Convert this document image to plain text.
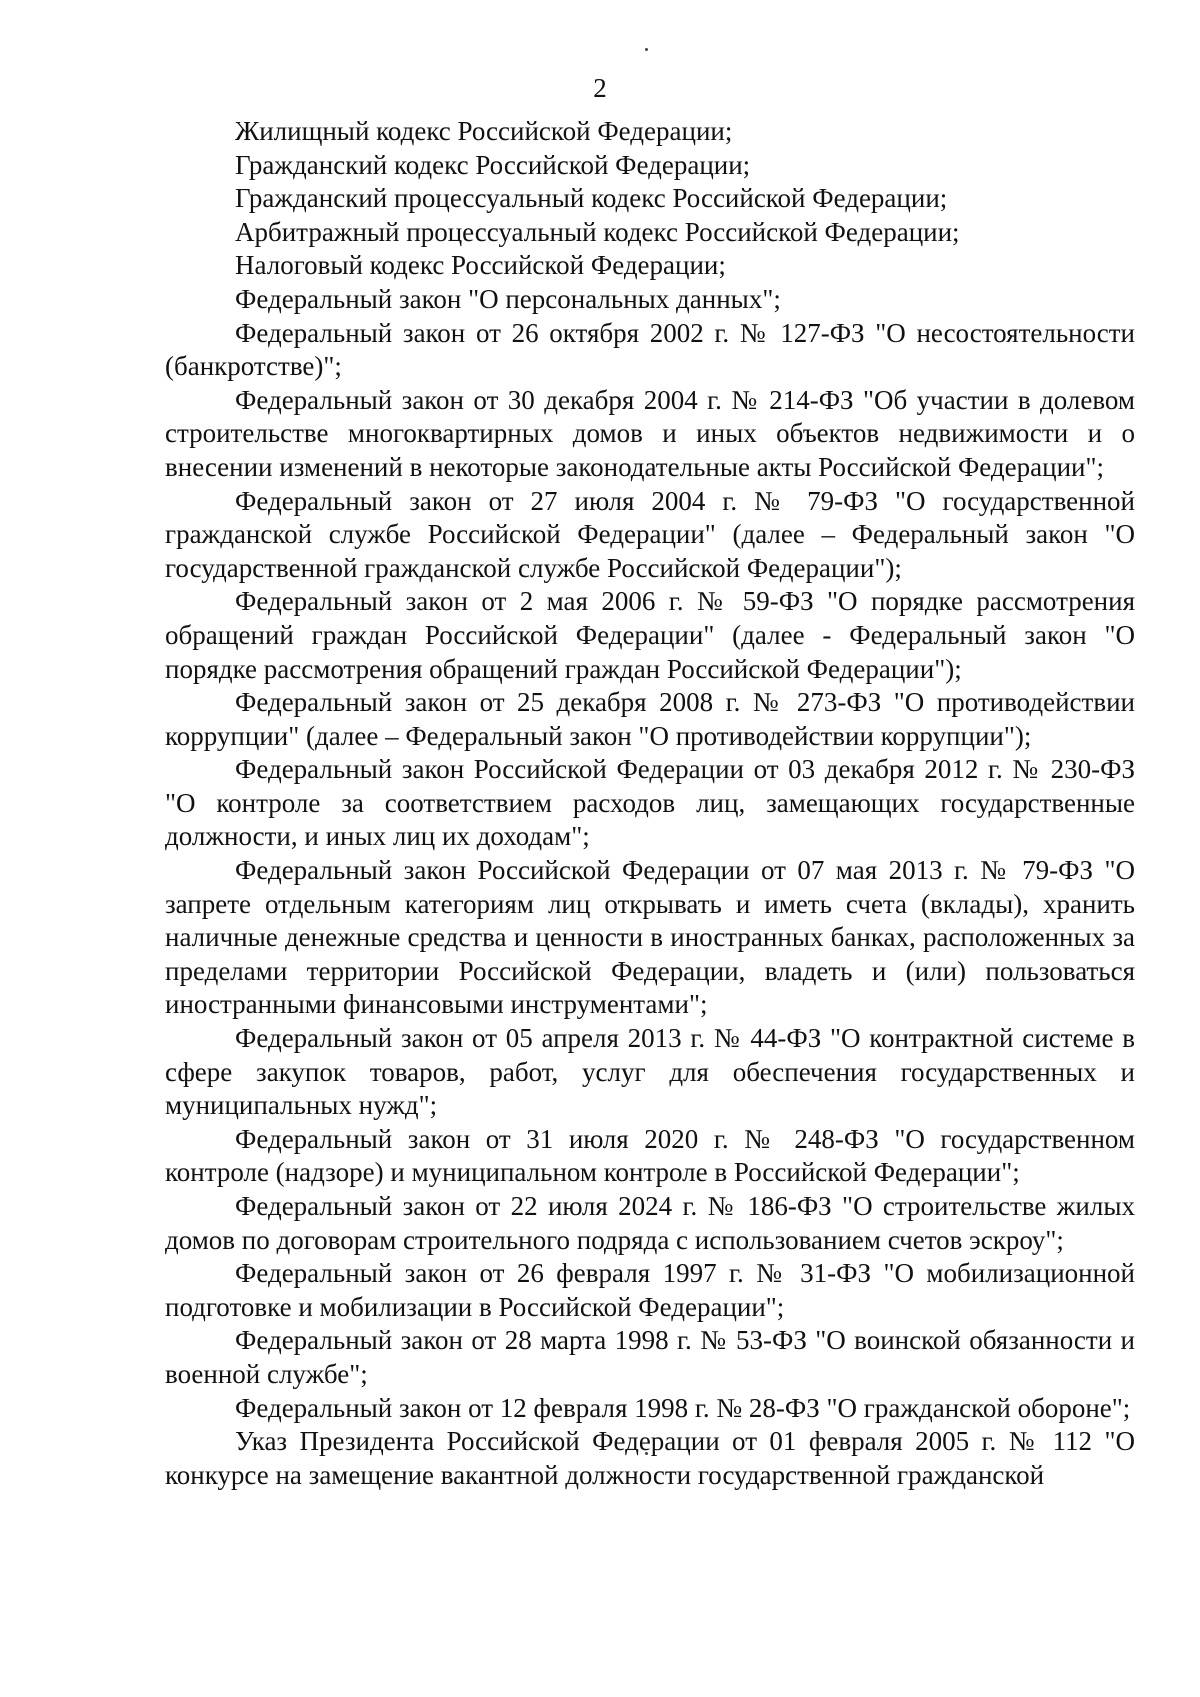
2

Жилищный кодекс Российской Федерации;

Гражданский кодекс Российской Федерации;

Гражданский процессуальный кодекс Российской Федерации;

Арбитражный процессуальный кодекс Российской Федерации;

Налоговый кодекс Российской Федерации;

Федеральный закон "О персональных данных";

Федеральный закон от 26 октября 2002 г. № 127-ФЗ "О несостоятельности (банкротстве)";

Федеральный закон от 30 декабря 2004 г. № 214-ФЗ "Об участии в долевом строительстве многоквартирных домов и иных объектов недвижимости и о внесении изменений в некоторые законодательные акты Российской Федерации";

Федеральный закон от 27 июля 2004 г. № 79-ФЗ "О государственной гражданской службе Российской Федерации" (далее – Федеральный закон "О государственной гражданской службе Российской Федерации");

Федеральный закон от 2 мая 2006 г. № 59-ФЗ "О порядке рассмотрения обращений граждан Российской Федерации" (далее - Федеральный закон "О порядке рассмотрения обращений граждан Российской Федерации");

Федеральный закон от 25 декабря 2008 г. № 273-ФЗ "О противодействии коррупции" (далее – Федеральный закон "О противодействии коррупции");

Федеральный закон Российской Федерации от 03 декабря 2012 г. № 230-ФЗ "О контроле за соответствием расходов лиц, замещающих государственные должности, и иных лиц их доходам";

Федеральный закон Российской Федерации от 07 мая 2013 г. № 79-ФЗ "О запрете отдельным категориям лиц открывать и иметь счета (вклады), хранить наличные денежные средства и ценности в иностранных банках, расположенных за пределами территории Российской Федерации, владеть и (или) пользоваться иностранными финансовыми инструментами";

Федеральный закон от 05 апреля 2013 г. № 44-ФЗ "О контрактной системе в сфере закупок товаров, работ, услуг для обеспечения государственных и муниципальных нужд";

Федеральный закон от 31 июля 2020 г. № 248-ФЗ "О государственном контроле (надзоре) и муниципальном контроле в Российской Федерации";

Федеральный закон от 22 июля 2024 г. № 186-ФЗ "О строительстве жилых домов по договорам строительного подряда с использованием счетов эскроу";

Федеральный закон от 26 февраля 1997 г. № 31-ФЗ "О мобилизационной подготовке и мобилизации в Российской Федерации";

Федеральный закон от 28 марта 1998 г. № 53-ФЗ "О воинской обязанности и военной службе";

Федеральный закон от 12 февраля 1998 г. № 28-ФЗ "О гражданской обороне";

Указ Президента Российской Федерации от 01 февраля 2005 г. № 112 "О конкурсе на замещение вакантной должности государственной гражданской
